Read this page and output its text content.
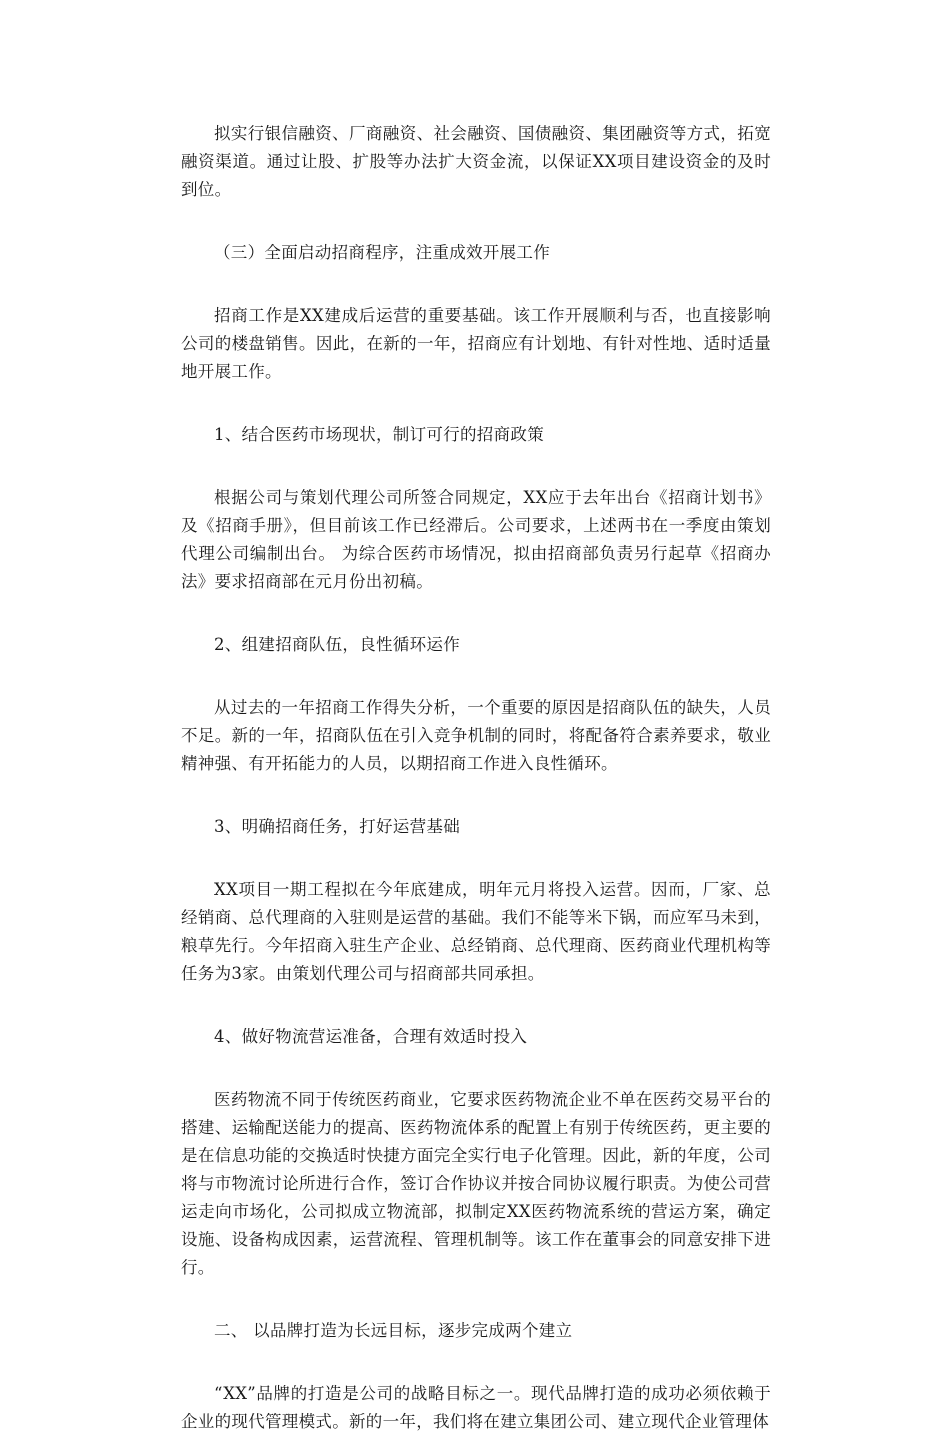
拟实行银信融资、厂商融资、社会融资、国债融资、集团融资等方式，拓宽融资渠道。通过让股、扩股等办法扩大资金流，以保证XX项目建设资金的及时到位。

（三）全面启动招商程序，注重成效开展工作

招商工作是XX建成后运营的重要基础。该工作开展顺利与否，也直接影响公司的楼盘销售。因此，在新的一年，招商应有计划地、有针对性地、适时适量地开展工作。

1、结合医药市场现状，制订可行的招商政策

根据公司与策划代理公司所签合同规定，XX应于去年出台《招商计划书》及《招商手册》，但目前该工作已经滞后。公司要求，上述两书在一季度由策划代理公司编制出台。 为综合医药市场情况，拟由招商部负责另行起草《招商办法》要求招商部在元月份出初稿。

2、组建招商队伍，良性循环运作

从过去的一年招商工作得失分析，一个重要的原因是招商队伍的缺失，人员不足。新的一年，招商队伍在引入竞争机制的同时，将配备符合素养要求，敬业精神强、有开拓能力的人员，以期招商工作进入良性循环。

3、明确招商任务，打好运营基础

XX项目一期工程拟在今年底建成，明年元月将投入运营。因而，厂家、总经销商、总代理商的入驻则是运营的基础。我们不能等米下锅，而应军马未到，粮草先行。今年招商入驻生产企业、总经销商、总代理商、医药商业代理机构等任务为3家。由策划代理公司与招商部共同承担。

4、做好物流营运准备，合理有效适时投入

医药物流不同于传统医药商业，它要求医药物流企业不单在医药交易平台的搭建、运输配送能力的提高、医药物流体系的配置上有别于传统医药，更主要的是在信息功能的交换适时快捷方面完全实行电子化管理。因此，新的年度，公司将与市物流讨论所进行合作，签订合作协议并按合同协议履行职责。为使公司营运走向市场化，公司拟成立物流部，拟制定XX医药物流系统的营运方案，确定设施、设备构成因素，运营流程、管理机制等。该工作在董事会的同意安排下进行。

二、 以品牌打造为长远目标，逐步完成两个建立

“XX”品牌的打造是公司的战略目标之一。现代品牌打造的成功必须依赖于企业的现代管理模式。新的一年，我们将在建立集团公司、建立现代企业管理体
